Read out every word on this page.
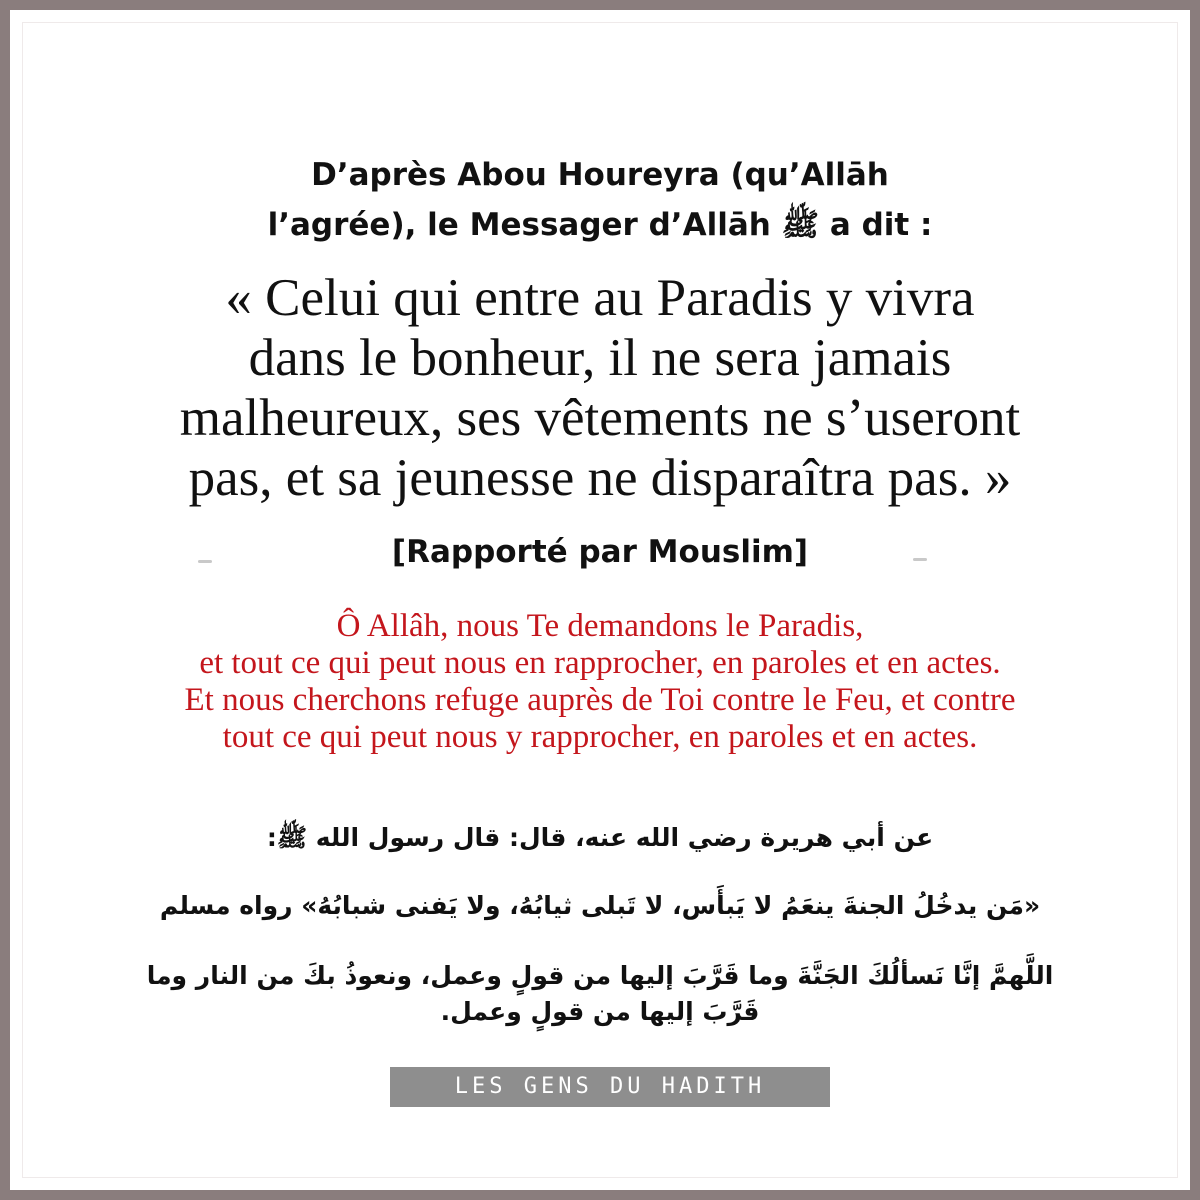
D’après Abou Houreyra (qu’Allāh
l’agrée), le Messager d’Allāh ﷺ a dit :
« Celui qui entre au Paradis y vivra
dans le bonheur, il ne sera jamais
malheureux, ses vêtements ne s’useront
pas, et sa jeunesse ne disparaîtra pas. »
[Rapporté par Mouslim]
Ô Allâh, nous Te demandons le Paradis,
et tout ce qui peut nous en rapprocher, en paroles et en actes.
Et nous cherchons refuge auprès de Toi contre le Feu, et contre
tout ce qui peut nous y rapprocher, en paroles et en actes.
عن أبي هريرة رضي الله عنه، قال: قال رسول الله ﷺ:
«مَن يدخُلُ الجنةَ ينعَمُ لا يَبأَس، لا تَبلى ثيابُهُ، ولا يَفنى شبابُهُ» رواه مسلم
اللَّهمَّ إنَّا نَسألُكَ الجَنَّةَ وما قَرَّبَ إليها من قولٍ وعمل، ونعوذُ بكَ من النار وما
قَرَّبَ إليها من قولٍ وعمل.
LES GENS DU HADITH
